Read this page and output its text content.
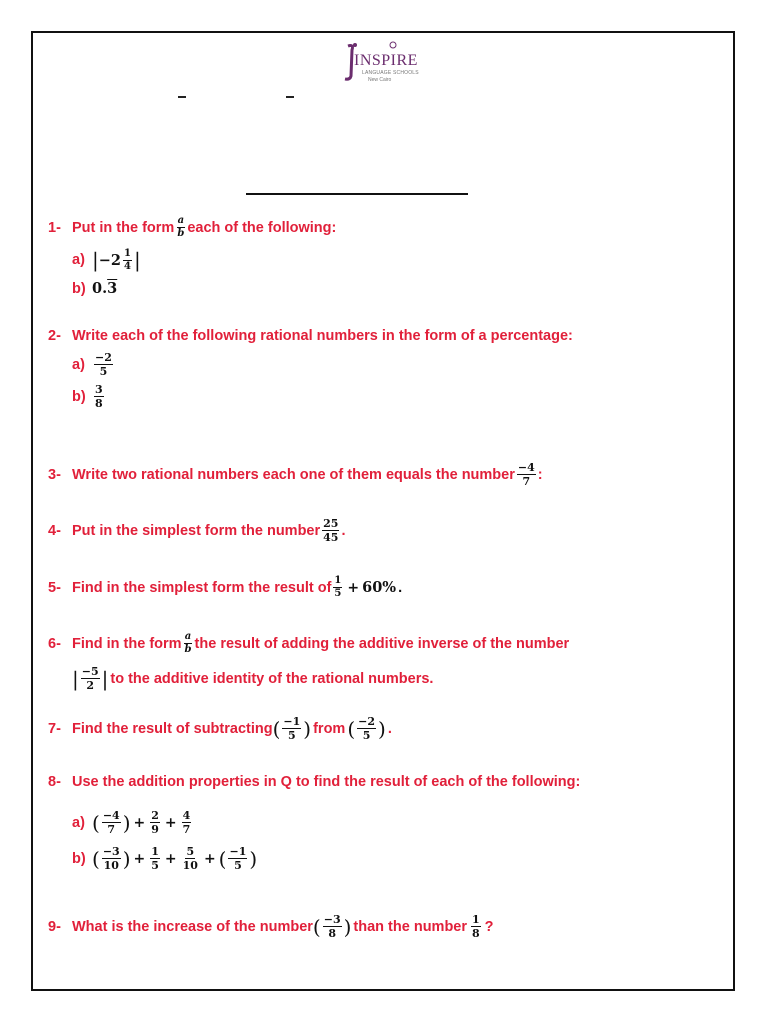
INSPIRE
LANGUAGE SCHOOLS
New Cairo
1- Put in the form $\frac{a}{b}$ each of the following:
a) | $-2 \frac{1}{4}$ |
b) 0. 3
2- Write each of the following rational numbers in the form of a percentage:
$a) \frac{-2}{5}$
$b) \frac{3}{8}$
3- Write two rational numbers each one of them equals the number $\frac{-4}{7}$ :
4- Put in the simplest form the number $\frac{25}{45}$ .
5- Find in the simplest form the result of $\frac{1}{5} + 60\%$ .
6- Find in the form $\frac{a}{b}$ the result of adding the additive inverse of the number
| $\frac{-5}{2}$ | to the additive identity of the rational numbers.
7- Find the result of subtracting ( $\frac{-1}{5}$ ) from ( $\frac{-2}{5}$ ) .
8- Use the addition properties in Q to find the result of each of the following:
a) ( $\frac{-4}{7}$ ) + $\frac{2}{9} + \frac{4}{7}$
b) ( $\frac{-3}{10}$ ) + $\frac{1}{5} + \frac{5}{10}$ + ( $\frac{-1}{5}$ )
9- What is the increase of the number ( $\frac{-3}{8}$ ) than the number $\frac{1}{8}$ ?
